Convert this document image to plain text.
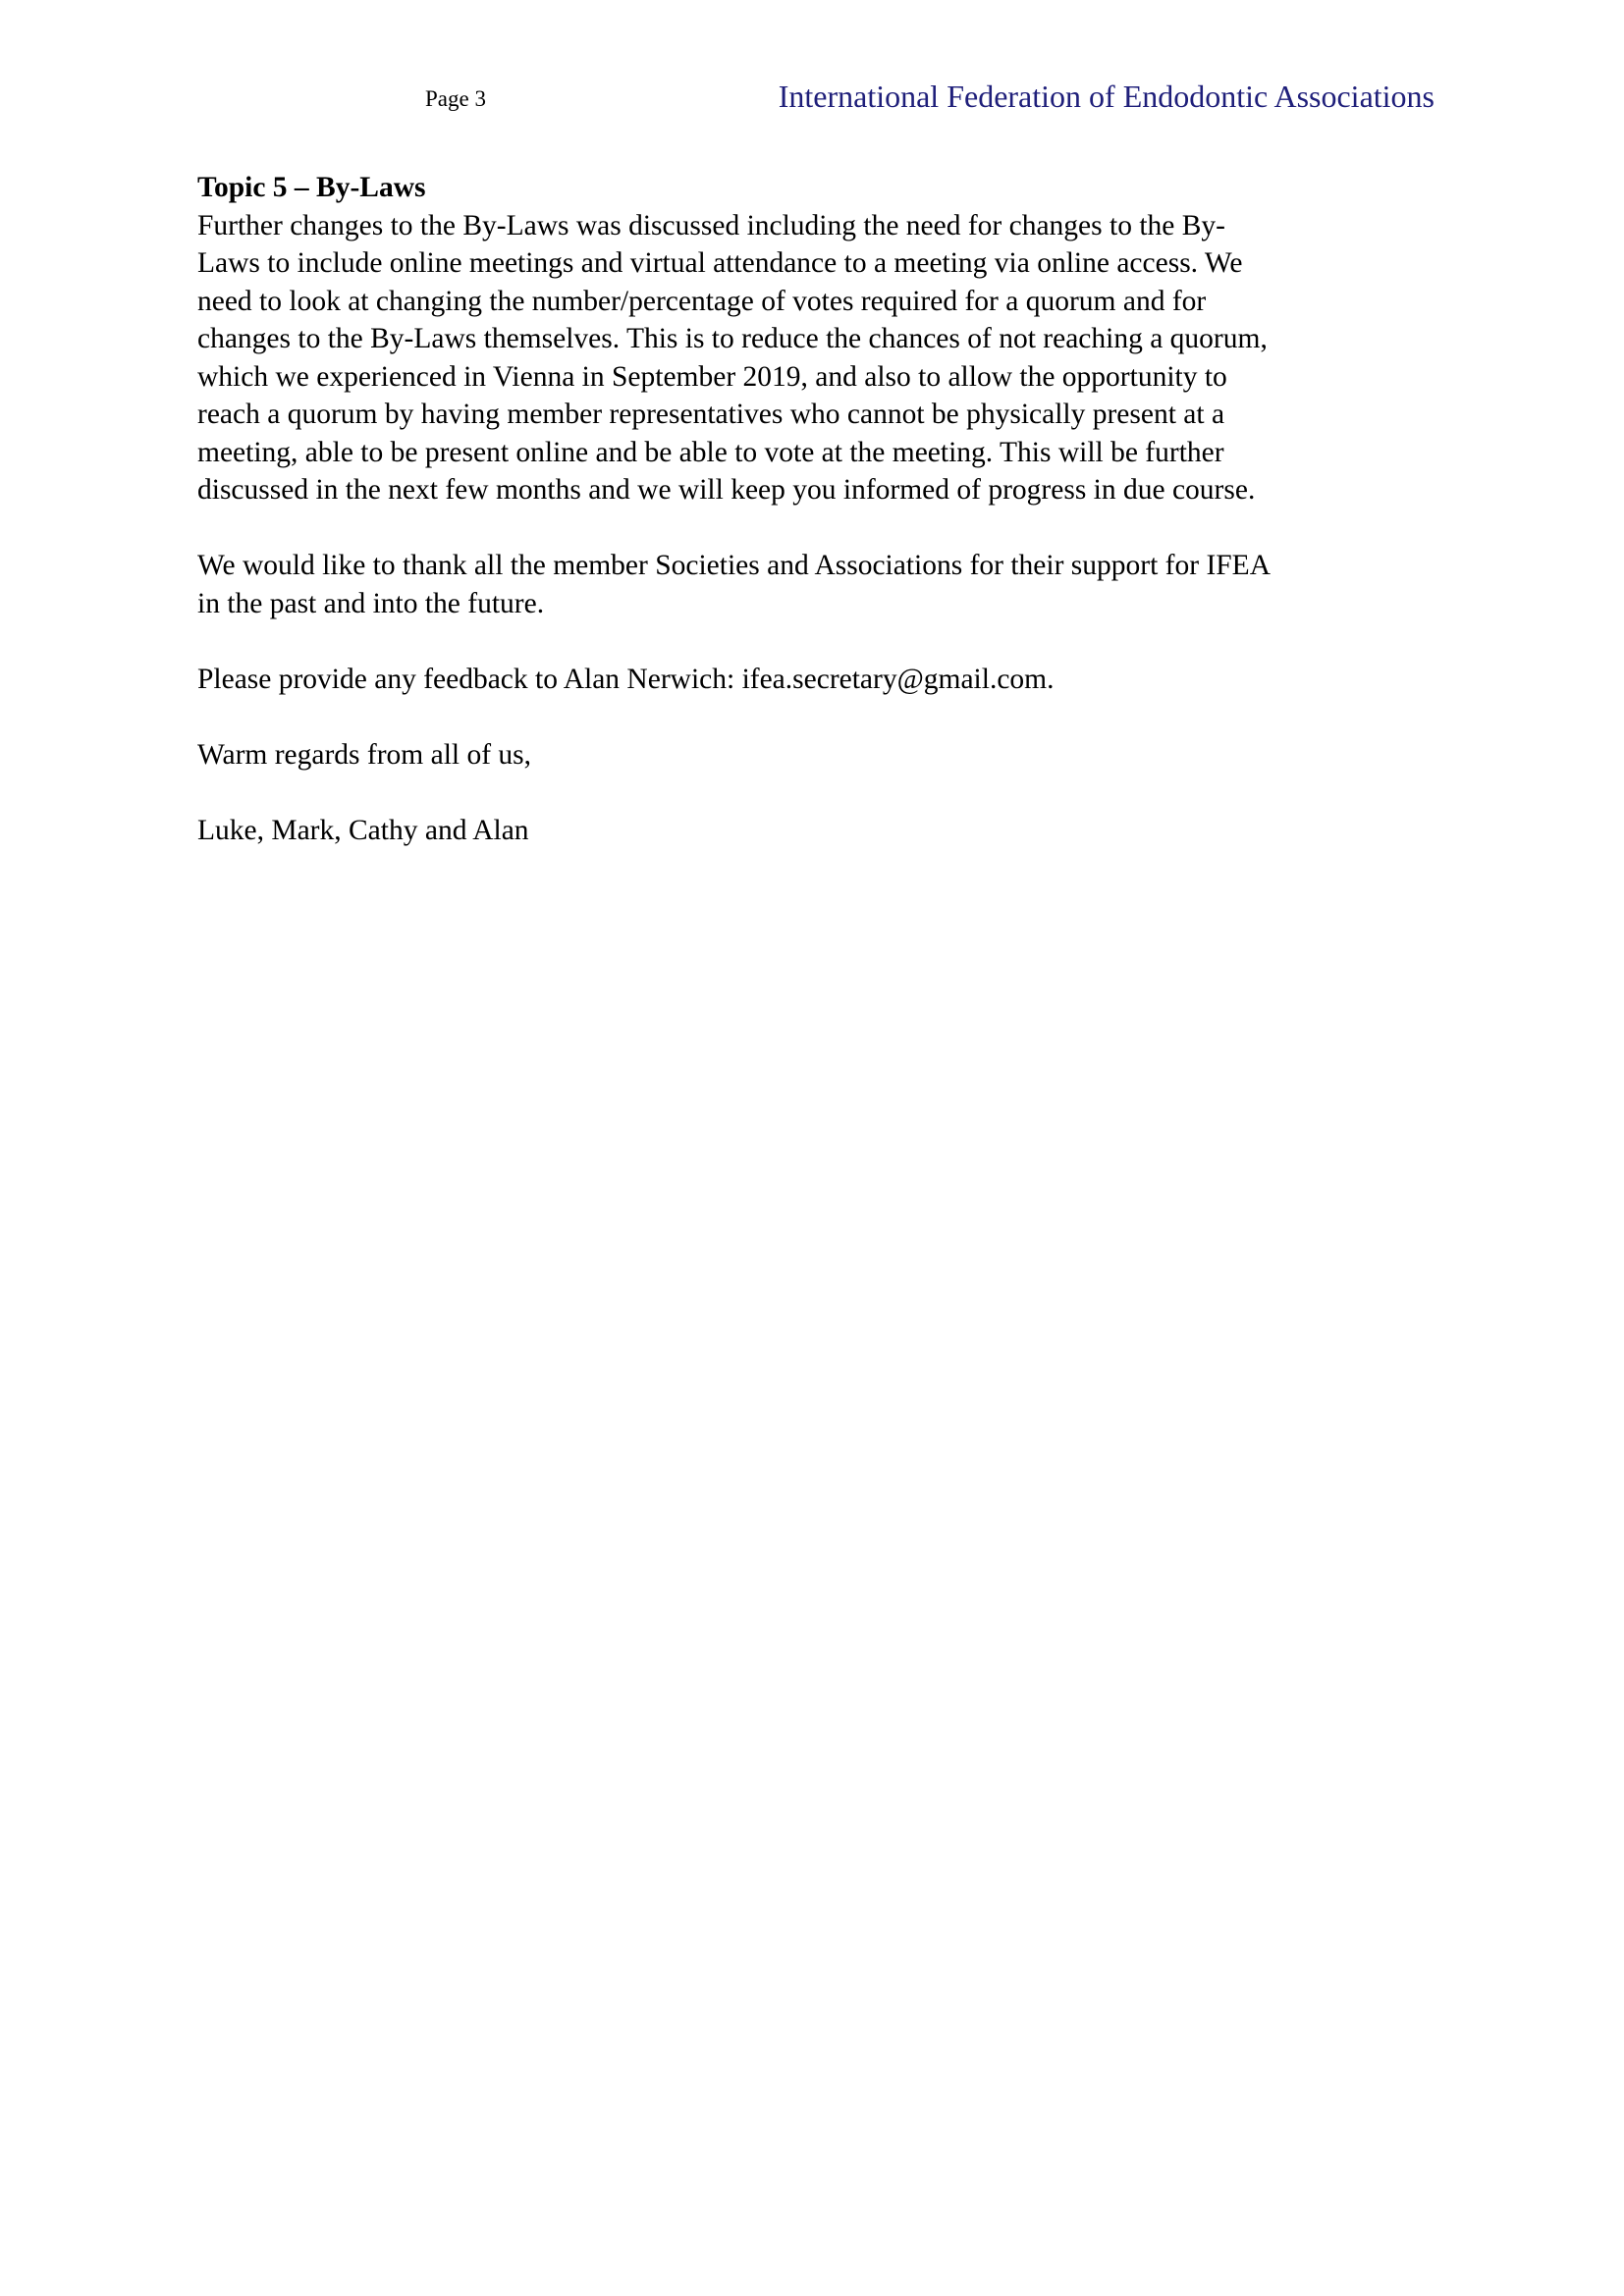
Page 3	International Federation of Endodontic Associations

Topic 5 – By-Laws

Further changes to the By-Laws was discussed including the need for changes to the By-
Laws to include online meetings and virtual attendance to a meeting via online access. We
need to look at changing the number/percentage of votes required for a quorum and for
changes to the By-Laws themselves. This is to reduce the chances of not reaching a quorum,
which we experienced in Vienna in September 2019, and also to allow the opportunity to
reach a quorum by having member representatives who cannot be physically present at a
meeting, able to be present online and be able to vote at the meeting. This will be further
discussed in the next few months and we will keep you informed of progress in due course.

We would like to thank all the member Societies and Associations for their support for IFEA
in the past and into the future.

Please provide any feedback to Alan Nerwich: ifea.secretary@gmail.com.

Warm regards from all of us,

Luke, Mark, Cathy and Alan
